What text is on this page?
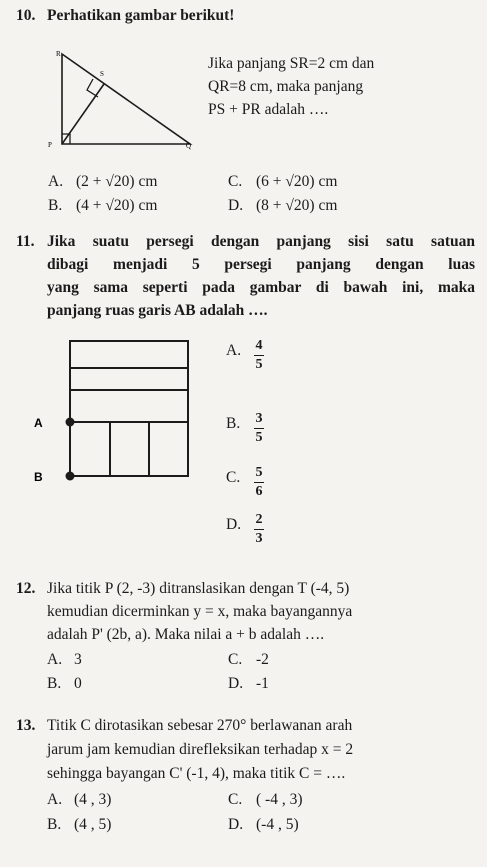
10. Perhatikan gambar berikut!
R
S
P	Q
Jika panjang SR=2 cm dan
QR=8 cm, maka panjang
PS + PR adalah ….
A. (2 + √20) cm	C. (6 + √20) cm
B. (4 + √20) cm	D. (8 + √20) cm
11. Jika suatu persegi dengan panjang sisi satu satuan
dibagi menjadi 5 persegi panjang dengan luas
yang sama seperti pada gambar di bawah ini, maka
panjang ruas garis AB adalah ….
A
B
A. $\frac{4}{5}$
B. $\frac{3}{5}$
C. $\frac{5}{6}$
D. $\frac{2}{3}$
12. Jika titik P (2, -3) ditranslasikan dengan T (-4, 5)
kemudian dicerminkan y = x, maka bayangannya
adalah P' (2b, a). Maka nilai a + b adalah ….
A. 3	C. -2
B. 0	D. -1
13. Titik C dirotasikan sebesar 270° berlawanan arah
jarum jam kemudian direfleksikan terhadap x = 2
sehingga bayangan C' (-1, 4), maka titik C = ….
A. (4 , 3)	C. ( -4 , 3)
B. (4 , 5)	D. (-4 , 5)
